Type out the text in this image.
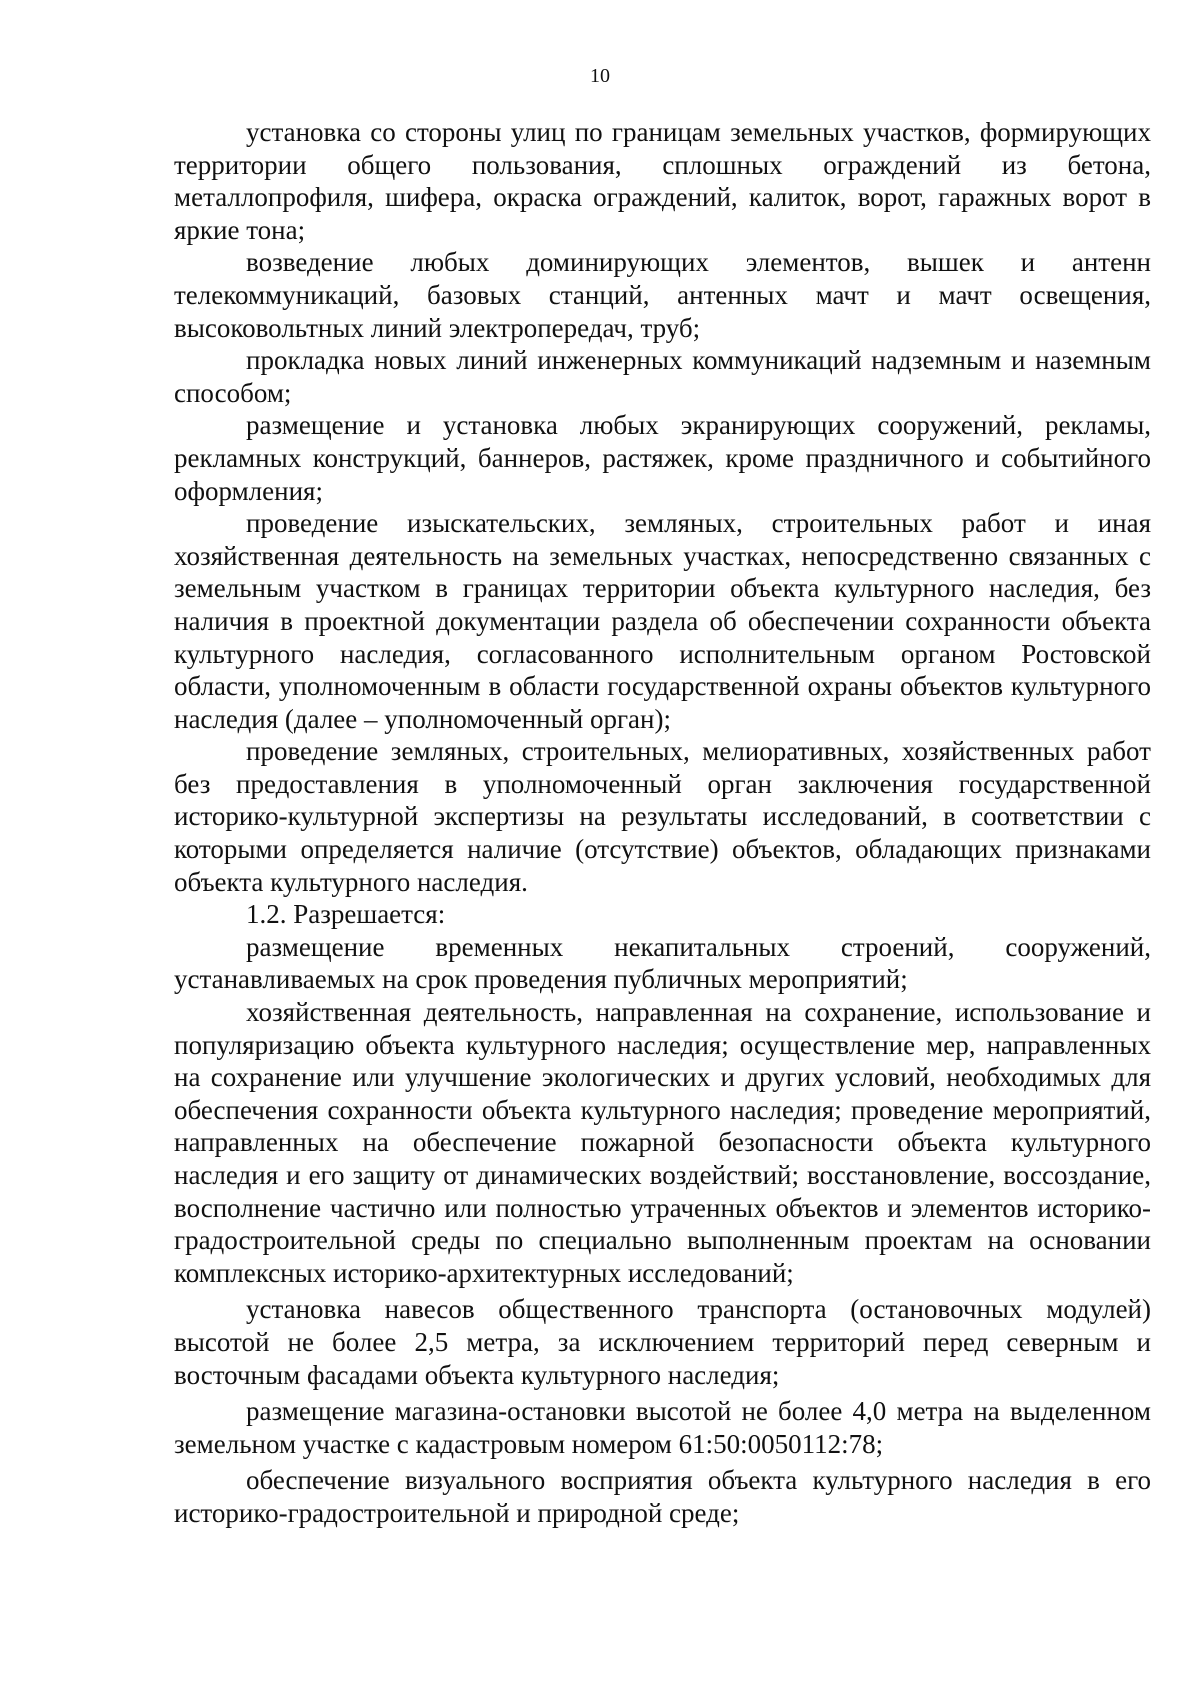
10

установка со стороны улиц по границам земельных участков, формирующих территории общего пользования, сплошных ограждений из бетона, металлопрофиля, шифера, окраска ограждений, калиток, ворот, гаражных ворот в яркие тона;

возведение любых доминирующих элементов, вышек и антенн телекоммуникаций, базовых станций, антенных мачт и мачт освещения, высоковольтных линий электропередач, труб;

прокладка новых линий инженерных коммуникаций надземным и наземным способом;

размещение и установка любых экранирующих сооружений, рекламы, рекламных конструкций, баннеров, растяжек, кроме праздничного и событийного оформления;

проведение изыскательских, земляных, строительных работ и иная хозяйственная деятельность на земельных участках, непосредственно связанных с земельным участком в границах территории объекта культурного наследия, без наличия в проектной документации раздела об обеспечении сохранности объекта культурного наследия, согласованного исполнительным органом Ростовской области, уполномоченным в области государственной охраны объектов культурного наследия (далее – уполномоченный орган);

проведение земляных, строительных, мелиоративных, хозяйственных работ без предоставления в уполномоченный орган заключения государственной историко-культурной экспертизы на результаты исследований, в соответствии с которыми определяется наличие (отсутствие) объектов, обладающих признаками объекта культурного наследия.

1.2. Разрешается:

размещение временных некапитальных строений, сооружений, устанавливаемых на срок проведения публичных мероприятий;

хозяйственная деятельность, направленная на сохранение, использование и популяризацию объекта культурного наследия; осуществление мер, направленных на сохранение или улучшение экологических и других условий, необходимых для обеспечения сохранности объекта культурного наследия; проведение мероприятий, направленных на обеспечение пожарной безопасности объекта культурного наследия и его защиту от динамических воздействий; восстановление, воссоздание, восполнение частично или полностью утраченных объектов и элементов историко-градостроительной среды по специально выполненным проектам на основании комплексных историко-архитектурных исследований;

установка навесов общественного транспорта (остановочных модулей) высотой не более 2,5 метра, за исключением территорий перед северным и восточным фасадами объекта культурного наследия;

размещение магазина-остановки высотой не более 4,0 метра на выделенном земельном участке с кадастровым номером 61:50:0050112:78;

обеспечение визуального восприятия объекта культурного наследия в его историко-градостроительной и природной среде;
